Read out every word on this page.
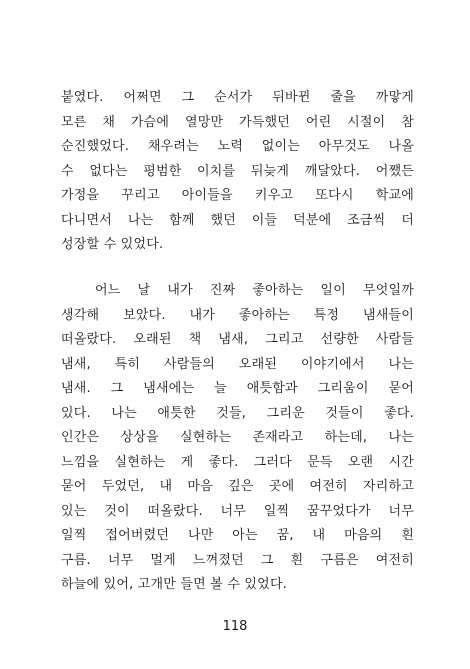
붙였다. 어쩌면 그 순서가 뒤바뀐 줄을 까맣게
모른 채 가슴에 열망만 가득했던 어린 시절이 참
순진했었다. 채우려는 노력 없이는 아무것도 나올
수 없다는 평범한 이치를 뒤늦게 깨달았다. 어쨌든
가정을 꾸리고 아이들을 키우고 또다시 학교에
다니면서 나는 함께 했던 이들 덕분에 조금씩 더
성장할 수 있었다.
어느 날 내가 진짜 좋아하는 일이 무엇일까
생각해 보았다. 내가 좋아하는 특정 냄새들이
떠올랐다. 오래된 책 냄새, 그리고 선량한 사람들
냄새, 특히 사람들의 오래된 이야기에서 나는
냄새. 그 냄새에는 늘 애틋함과 그리움이 묻어
있다. 나는 애틋한 것들, 그리운 것들이 좋다.
인간은 상상을 실현하는 존재라고 하는데, 나는
느낌을 실현하는 게 좋다. 그러다 문득 오랜 시간
묻어 두었던, 내 마음 깊은 곳에 여전히 자리하고
있는 것이 떠올랐다. 너무 일찍 꿈꾸었다가 너무
일찍 접어버렸던 나만 아는 꿈, 내 마음의 흰
구름. 너무 멀게 느껴졌던 그 흰 구름은 여전히
하늘에 있어, 고개만 들면 볼 수 있었다.
118
